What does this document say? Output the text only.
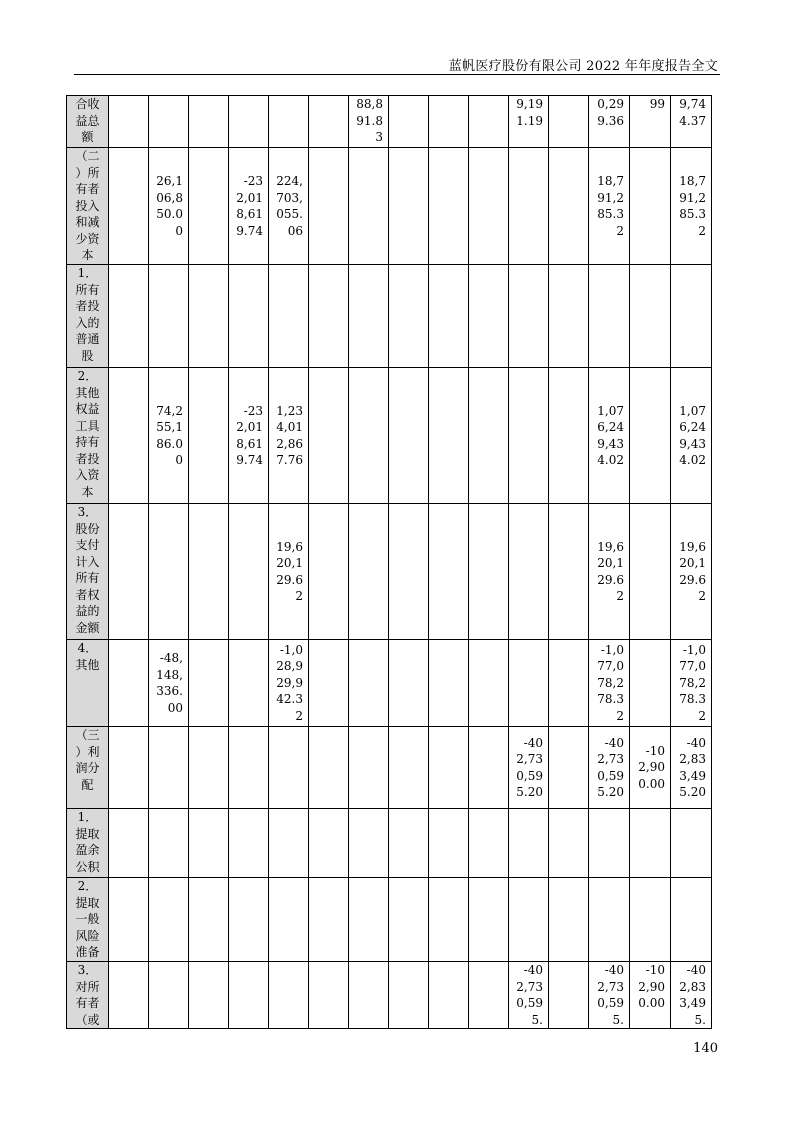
蓝帆医疗股份有限公司 2022 年年度报告全文
合收益总额							88,891.83				9,191.19		0,299.36	99	9,744.37
（二）所有者投入和减少资本		26,106,850.00		-232,018,619.74	224,703,055.06								18,791,285.32		18,791,285.32
1．所有者投入的普通股															
2．其他权益工具持有者投入资本		74,255,186.00		-232,018,619.74	1,234,012,867.76								1,076,249,434.02		1,076,249,434.02
3．股份支付计入所有者权益的金额					19,620,129.62								19,620,129.62		19,620,129.62
4．其他		-48,148,336.00			-1,028,929,942.32								-1,077,078,278.32		-1,077,078,278.32
（三）利润分配											-402,730,595.20		-402,730,595.20	-102,900.00	-402,833,495.20
1．提取盈余公积															
2．提取一般风险准备															
3．对所有者（或											-402,730,595.		-402,730,595.	-102,900.00	-402,833,495.
140
